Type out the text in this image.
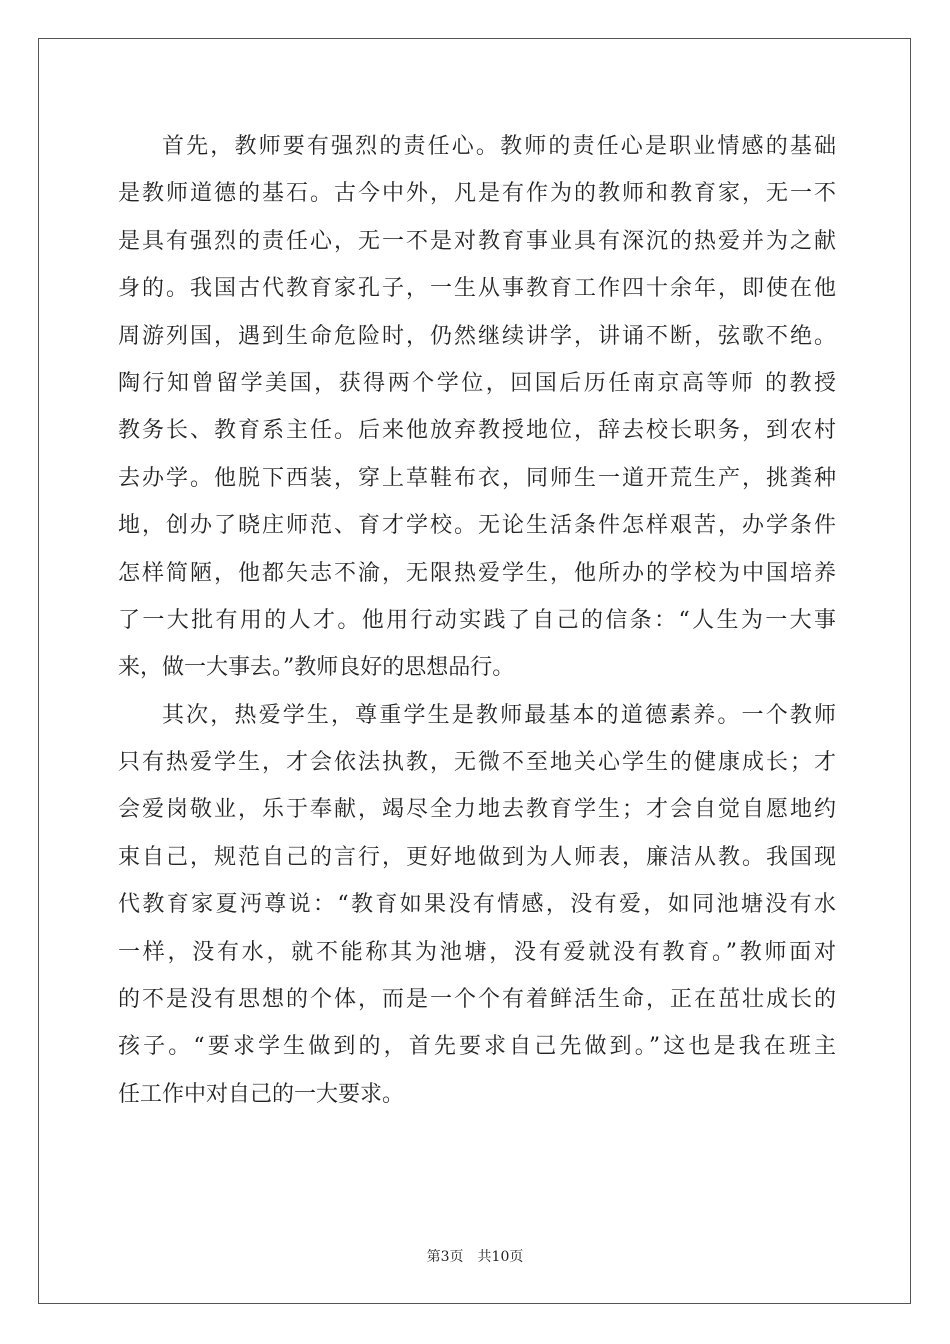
首先，教师要有强烈的责任心。教师的责任心是职业情感的基础
是教师道德的基石。古今中外，凡是有作为的教师和教育家，无一不
是具有强烈的责任心，无一不是对教育事业具有深沉的热爱并为之献
身的。我国古代教育家孔子，一生从事教育工作四十余年，即使在他
周游列国，遇到生命危险时，仍然继续讲学，讲诵不断，弦歌不绝。
陶行知曾留学美国，获得两个学位，回国后历任南京高等师 的教授
教务长、教育系主任。后来他放弃教授地位，辞去校长职务，到农村
去办学。他脱下西装，穿上草鞋布衣，同师生一道开荒生产，挑粪种
地，创办了晓庄师范、育才学校。无论生活条件怎样艰苦，办学条件
怎样简陋，他都矢志不渝，无限热爱学生，他所办的学校为中国培养
了一大批有用的人才。他用行动实践了自己的信条：“人生为一大事
来，做一大事去。”教师良好的思想品行。
其次，热爱学生，尊重学生是教师最基本的道德素养。一个教师
只有热爱学生，才会依法执教，无微不至地关心学生的健康成长；才
会爱岗敬业，乐于奉献，竭尽全力地去教育学生；才会自觉自愿地约
束自己，规范自己的言行，更好地做到为人师表，廉洁从教。我国现
代教育家夏沔尊说：“教育如果没有情感，没有爱，如同池塘没有水
一样，没有水，就不能称其为池塘，没有爱就没有教育。”教师面对
的不是没有思想的个体，而是一个个有着鲜活生命，正在茁壮成长的
孩子。“要求学生做到的，首先要求自己先做到。”这也是我在班主
任工作中对自己的一大要求。
第3页 共10页
